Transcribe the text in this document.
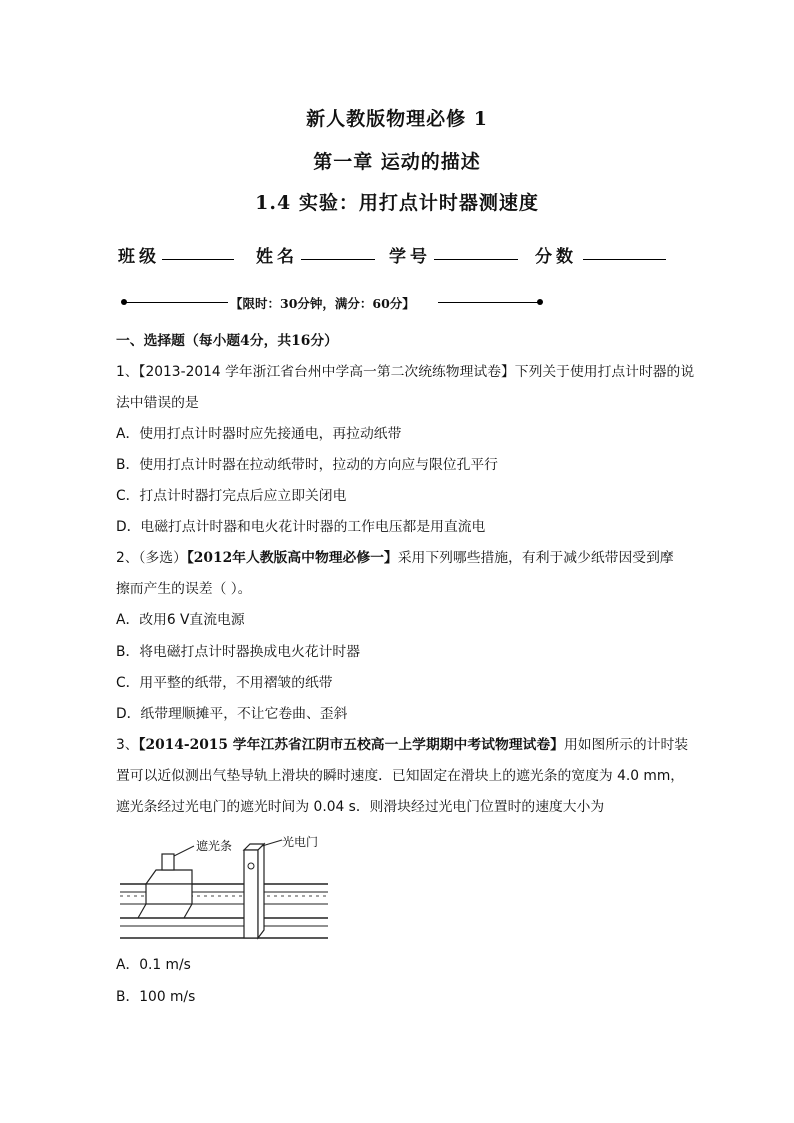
新人教版物理必修 1
第一章 运动的描述
1.4 实验：用打点计时器测速度
班级	姓名	学号	分数
【限时：30分钟，满分：60分】
一、选择题（每小题4分，共16分）
1、【2013-2014 学年浙江省台州中学高一第二次统练物理试卷】下列关于使用打点计时器的说
法中错误的是
A．使用打点计时器时应先接通电，再拉动纸带
B．使用打点计时器在拉动纸带时，拉动的方向应与限位孔平行
C．打点计时器打完点后应立即关闭电
D．电磁打点计时器和电火花计时器的工作电压都是用直流电
2、（多选）【2012年人教版高中物理必修一】采用下列哪些措施，有利于减少纸带因受到摩
擦而产生的误差（ ）。
A．改用6 V直流电源
B．将电磁打点计时器换成电火花计时器
C．用平整的纸带，不用褶皱的纸带
D．纸带理顺摊平，不让它卷曲、歪斜
3、【2014-2015 学年江苏省江阴市五校高一上学期期中考试物理试卷】用如图所示的计时装
置可以近似测出气垫导轨上滑块的瞬时速度．已知固定在滑块上的遮光条的宽度为 4.0 mm，
遮光条经过光电门的遮光时间为 0.04 s．则滑块经过光电门位置时的速度大小为
遮光条	光电门
A．0.1 m/s
B．100 m/s
